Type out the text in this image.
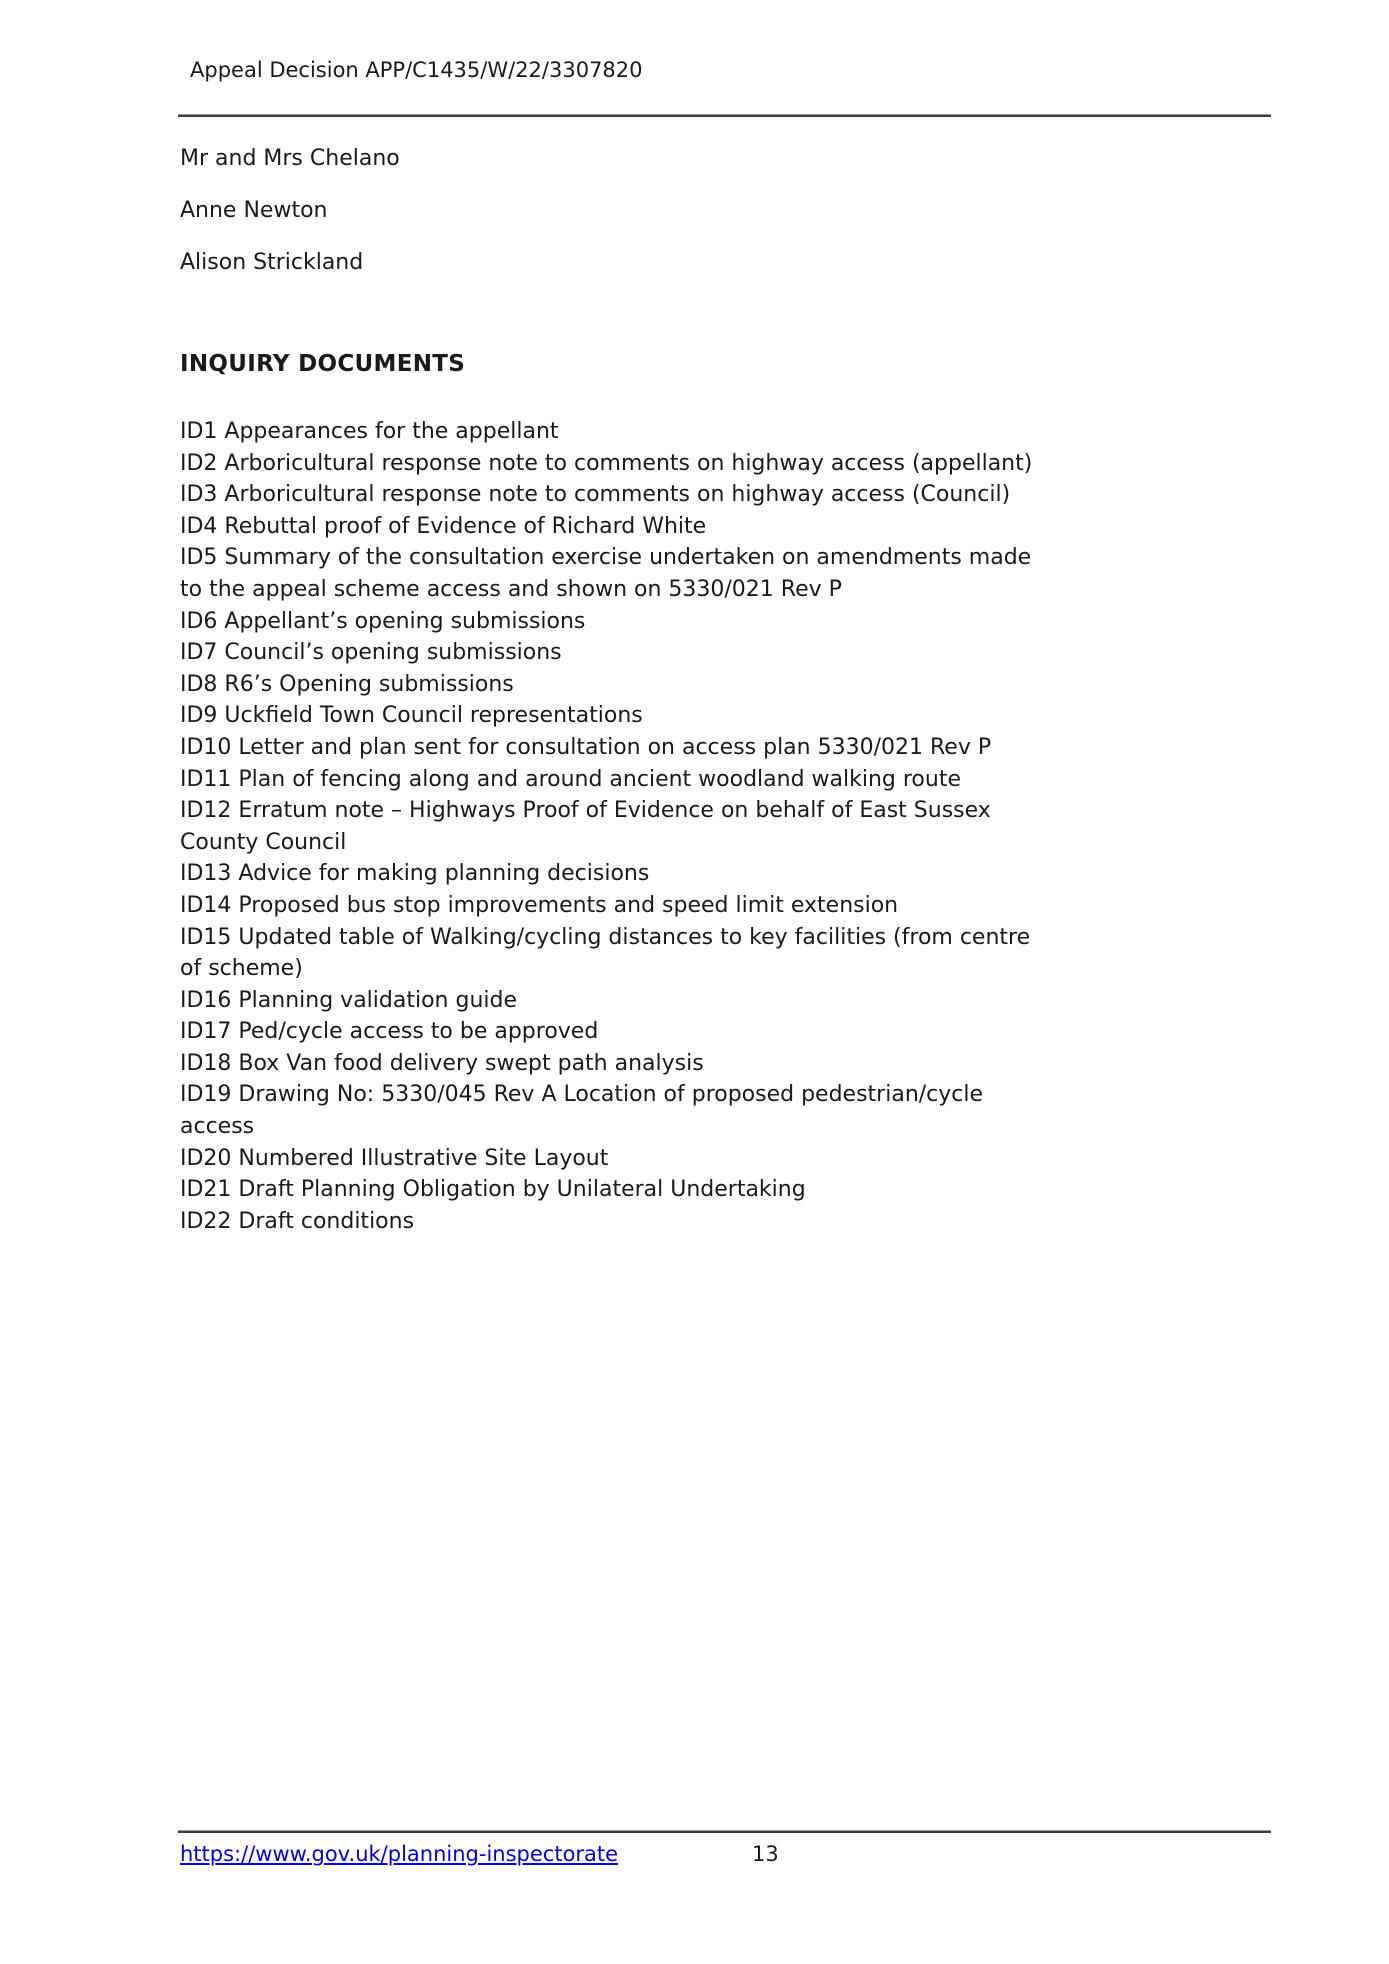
Appeal Decision APP/C1435/W/22/3307820

Mr and Mrs Chelano

Anne Newton

Alison Strickland

INQUIRY DOCUMENTS
ID1 Appearances for the appellant
ID2 Arboricultural response note to comments on highway access (appellant)
ID3 Arboricultural response note to comments on highway access (Council)
ID4 Rebuttal proof of Evidence of Richard White
ID5 Summary of the consultation exercise undertaken on amendments made to the appeal scheme access and shown on 5330/021 Rev P
ID6 Appellant’s opening submissions
ID7 Council’s opening submissions
ID8 R6’s Opening submissions
ID9 Uckfield Town Council representations
ID10 Letter and plan sent for consultation on access plan 5330/021 Rev P
ID11 Plan of fencing along and around ancient woodland walking route
ID12 Erratum note – Highways Proof of Evidence on behalf of East Sussex County Council
ID13 Advice for making planning decisions
ID14 Proposed bus stop improvements and speed limit extension
ID15 Updated table of Walking/cycling distances to key facilities (from centre of scheme)
ID16 Planning validation guide
ID17 Ped/cycle access to be approved
ID18 Box Van food delivery swept path analysis
ID19 Drawing No: 5330/045 Rev A Location of proposed pedestrian/cycle access
ID20 Numbered Illustrative Site Layout
ID21 Draft Planning Obligation by Unilateral Undertaking
ID22 Draft conditions
https://www.gov.uk/planning-inspectorate	13
